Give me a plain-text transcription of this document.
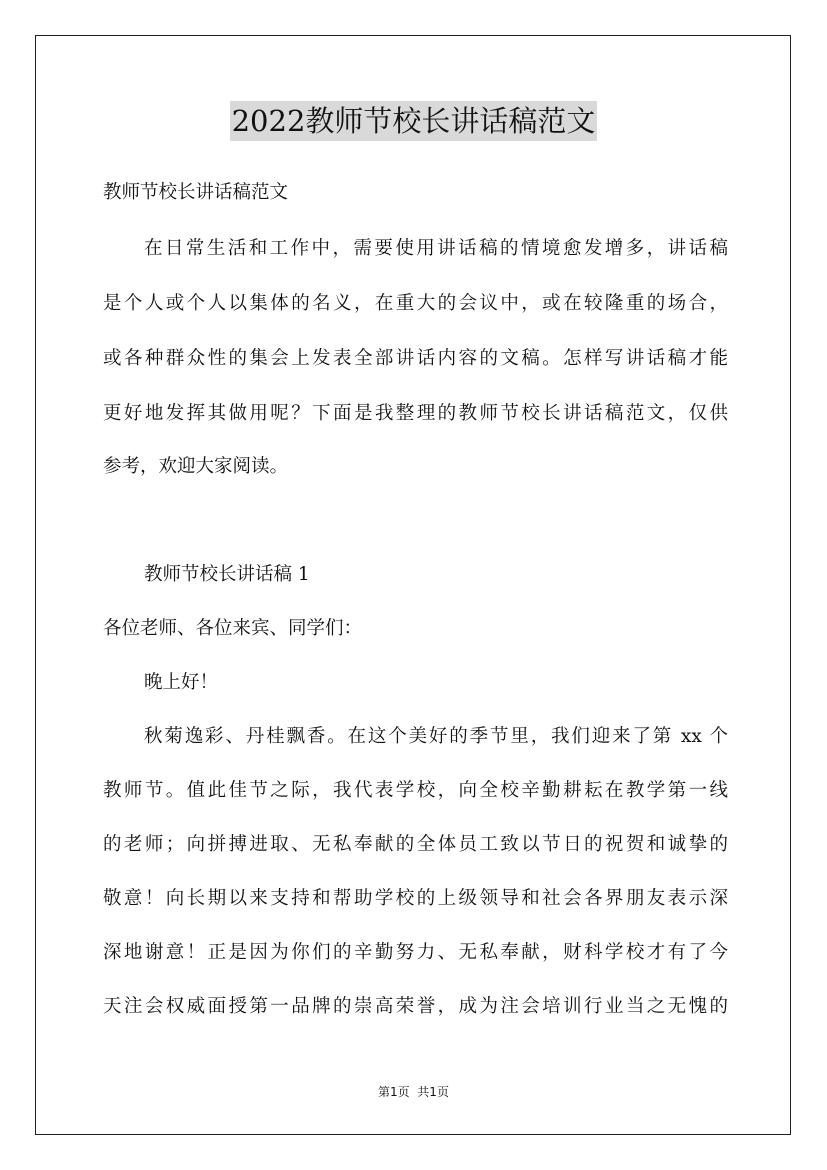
2022教师节校长讲话稿范文
教师节校长讲话稿范文
在日常生活和工作中，需要使用讲话稿的情境愈发增多，讲话稿
是个人或个人以集体的名义，在重大的会议中，或在较隆重的场合，
或各种群众性的集会上发表全部讲话内容的文稿。怎样写讲话稿才能
更好地发挥其做用呢？下面是我整理的教师节校长讲话稿范文，仅供
参考，欢迎大家阅读。
教师节校长讲话稿 1
各位老师、各位来宾、同学们：
晚上好！
秋菊逸彩、丹桂飘香。在这个美好的季节里，我们迎来了第 xx 个
教师节。值此佳节之际，我代表学校，向全校辛勤耕耘在教学第一线
的老师；向拼搏进取、无私奉献的全体员工致以节日的祝贺和诚挚的
敬意！向长期以来支持和帮助学校的上级领导和社会各界朋友表示深
深地谢意！正是因为你们的辛勤努力、无私奉献，财科学校才有了今
天注会权威面授第一品牌的崇高荣誉，成为注会培训行业当之无愧的
第1页  共1页
